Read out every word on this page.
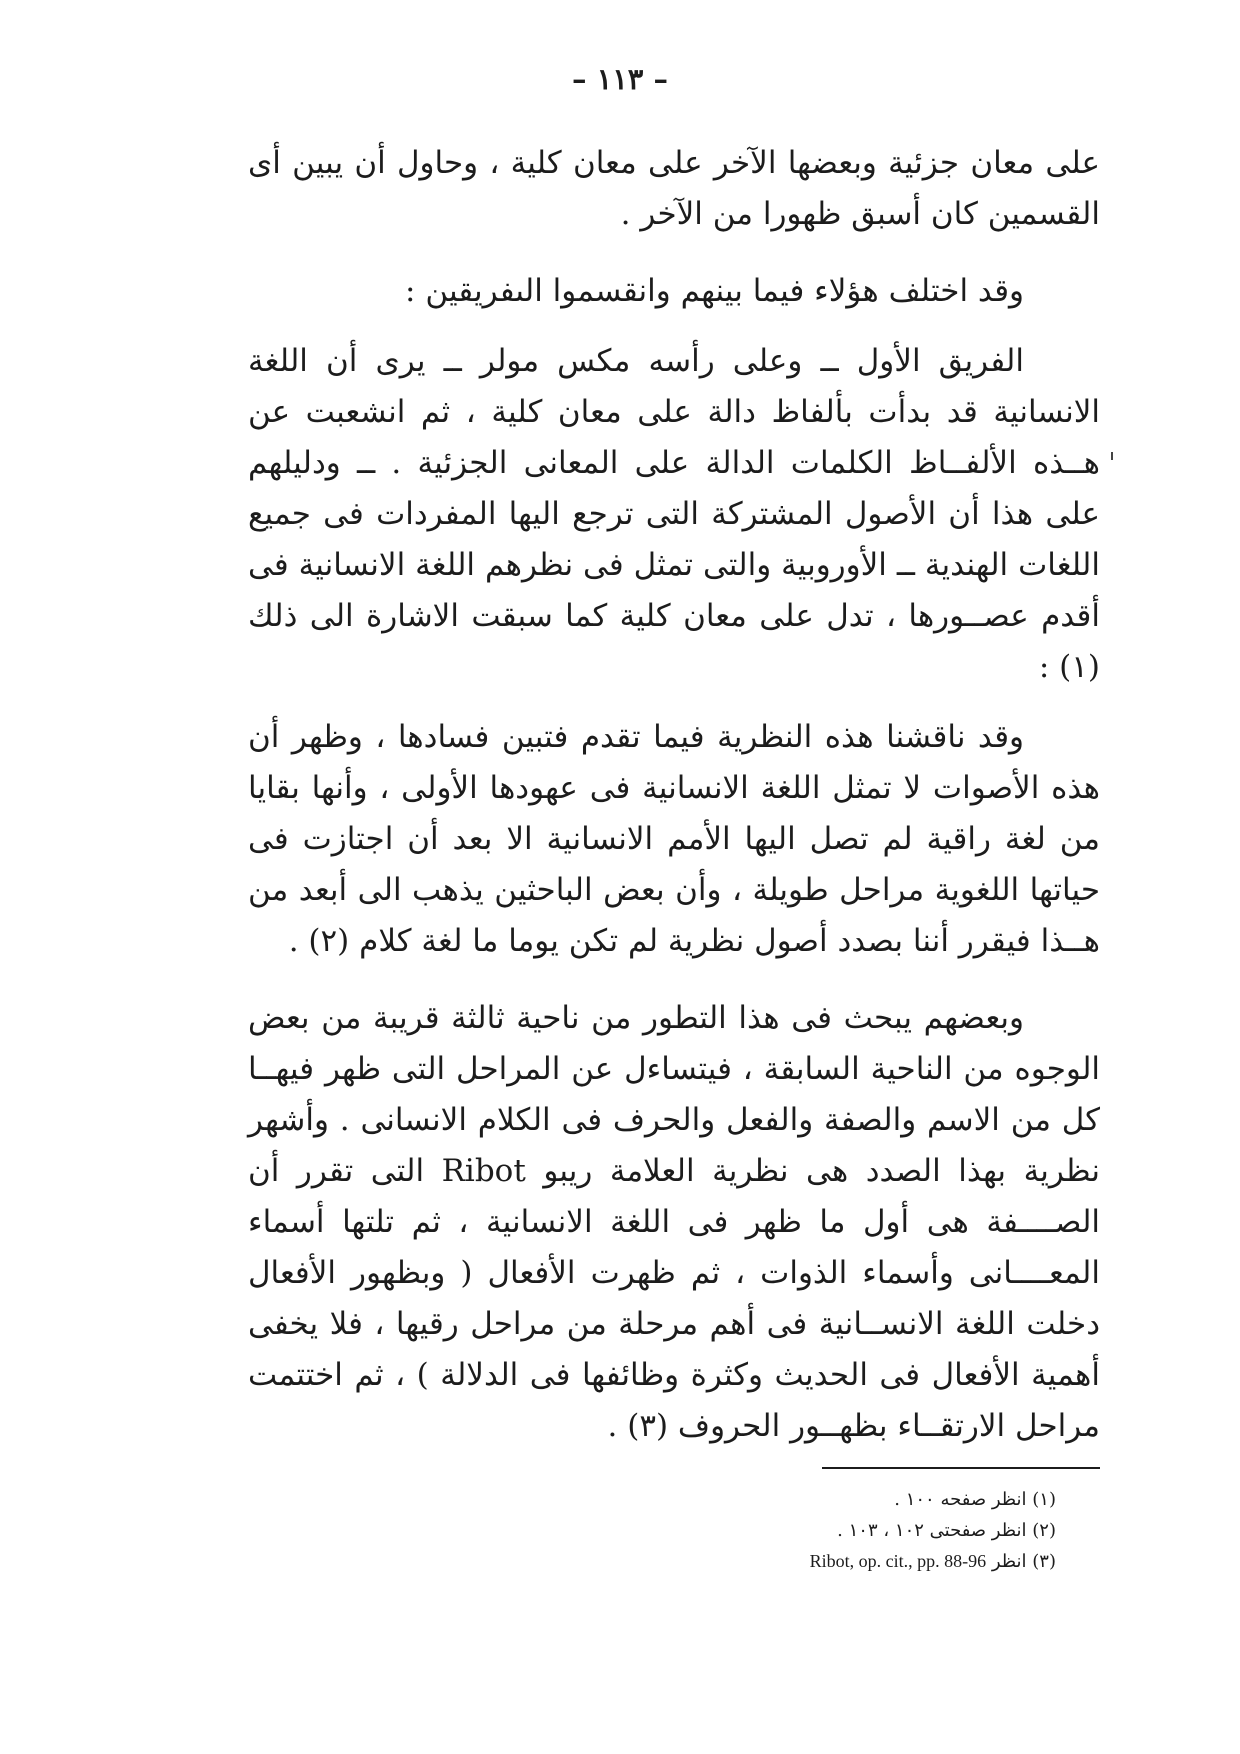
– ١١٣ –

على معان جزئية وبعضها الآخر على معان كلية ، وحاول أن يبين أى القسمين كان أسبق ظهورا من الآخر .

وقد اختلف هؤلاء فيما بينهم وانقسموا الىفريقين :

الفريق الأول ــ وعلى رأسه مكس مولر ــ يرى أن اللغة الانسانية قد بدأت بألفاظ دالة على معان كلية ، ثم انشعبت عن هــذه الألفــاظ الكلمات الدالة على المعانى الجزئية . ــ ودليلهم على هذا أن الأصول المشتركة التى ترجع اليها المفردات فى جميع اللغات الهندية ــ الأوروبية والتى تمثل فى نظرهم اللغة الانسانية فى أقدم عصــورها ، تدل على معان كلية كما سبقت الاشارة الى ذلك (١) :

وقد ناقشنا هذه النظرية فيما تقدم فتبين فسادها ، وظهر أن هذه الأصوات لا تمثل اللغة الانسانية فى عهودها الأولى ، وأنها بقايا من لغة راقية لم تصل اليها الأمم الانسانية الا بعد أن اجتازت فى حياتها اللغوية مراحل طويلة ، وأن بعض الباحثين يذهب الى أبعد من هــذا فيقرر أننا بصدد أصول نظرية لم تكن يوما ما لغة كلام (٢) .

وبعضهم يبحث فى هذا التطور من ناحية ثالثة قريبة من بعض الوجوه من الناحية السابقة ، فيتساءل عن المراحل التى ظهر فيهــا كل من الاسم والصفة والفعل والحرف فى الكلام الانسانى . وأشهر نظرية بهذا الصدد هى نظرية العلامة ريبو Ribot التى تقرر أن الصــــفة هى أول ما ظهر فى اللغة الانسانية ، ثم تلتها أسماء المعــــانى وأسماء الذوات ، ثم ظهرت الأفعال ( وبظهور الأفعال دخلت اللغة الانســانية فى أهم مرحلة من مراحل رقيها ، فلا يخفى أهمية الأفعال فى الحديث وكثرة وظائفها فى الدلالة ) ، ثم اختتمت مراحل الارتقــاء بظهــور الحروف (٣) .

(١) انظر صفحه ١٠٠ .

(٢) انظر صفحتى ١٠٢ ، ١٠٣ .

(٣) انظر Ribot, op. cit., pp. 88-96
